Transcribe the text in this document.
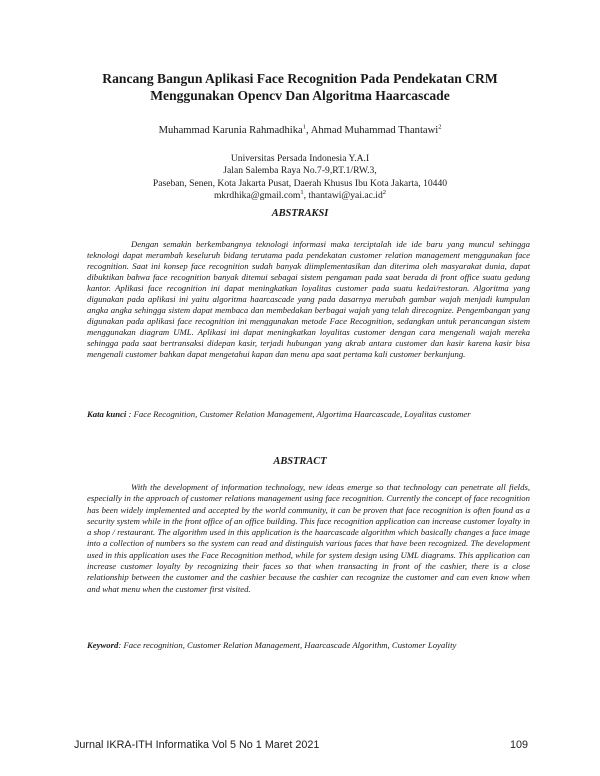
Rancang Bangun Aplikasi Face Recognition Pada Pendekatan CRM
Menggunakan Opencv Dan Algoritma Haarcascade
Muhammad Karunia Rahmadhika$^1$, Ahmad Muhammad Thantawi$^2$
Universitas Persada Indonesia Y.A.I
Jalan Salemba Raya No.7-9,RT.1/RW.3,
Paseban, Senen, Kota Jakarta Pusat, Daerah Khusus Ibu Kota Jakarta, 10440
mkrdhika@gmail.com$^1$, $thantawi@yai.ac.id^2$
ABSTRAKSI

Dengan semakin berkembangnya teknologi informasi maka terciptalah ide ide baru yang muncul sehingga teknologi dapat merambah keseluruh bidang terutama pada pendekatan customer relation management menggunakan face recognition. Saat ini konsep face recognition sudah banyak diimplementasikan dan diterima oleh masyarakat dunia, dapat dibuktikan bahwa face recognition banyak ditemui sebagai sistem pengaman pada saat berada di front office suatu gedung kantor. Aplikasi face recognition ini dapat meningkatkan loyalitas customer pada suatu kedai/restoran. Algoritma yang digunakan pada aplikasi ini yaitu algoritma haarcascade yang pada dasarnya merubah gambar wajah menjadi kumpulan angka angka sehingga sistem dapat membaca dan membedakan berbagai wajah yang telah direcognize. Pengembangan yang digunakan pada aplikasi face recognition ini menggunakan metode Face Recognition, sedangkan untuk perancangan sistem menggunakan diagram UML. Aplikasi ini dapat meningkatkan loyalitas customer dengan cara mengenali wajah mereka sehingga pada saat bertransaksi didepan kasir, terjadi hubungan yang akrab antara customer dan kasir karena kasir bisa mengenali customer bahkan dapat mengetahui kapan dan menu apa saat pertama kali customer berkunjung.

Kata kunci : Face Recognition, Customer Relation Management, Algortima Haarcascade, Loyalitas customer

ABSTRACT

With the development of information technology, new ideas emerge so that technology can penetrate all fields, especially in the approach of customer relations management using face recognition. Currently the concept of face recognition has been widely implemented and accepted by the world community, it can be proven that face recognition is often found as a security system while in the front office of an office building. This face recognition application can increase customer loyalty in a shop / restaurant. The algorithm used in this application is the haarcascade algorithm which basically changes a face image into a collection of numbers so the system can read and distinguish various faces that have been recognized. The development used in this application uses the Face Recognition method, while for system design using UML diagrams. This application can increase customer loyalty by recognizing their faces so that when transacting in front of the cashier, there is a close relationship between the customer and the cashier because the cashier can recognize the customer and can even know when and what menu when the customer first visited.

Keyword: Face recognition, Customer Relation Management, Haarcascade Algorithm, Customer Loyality

Jurnal IKRA-ITH Informatika Vol 5 No 1 Maret 2021	109
